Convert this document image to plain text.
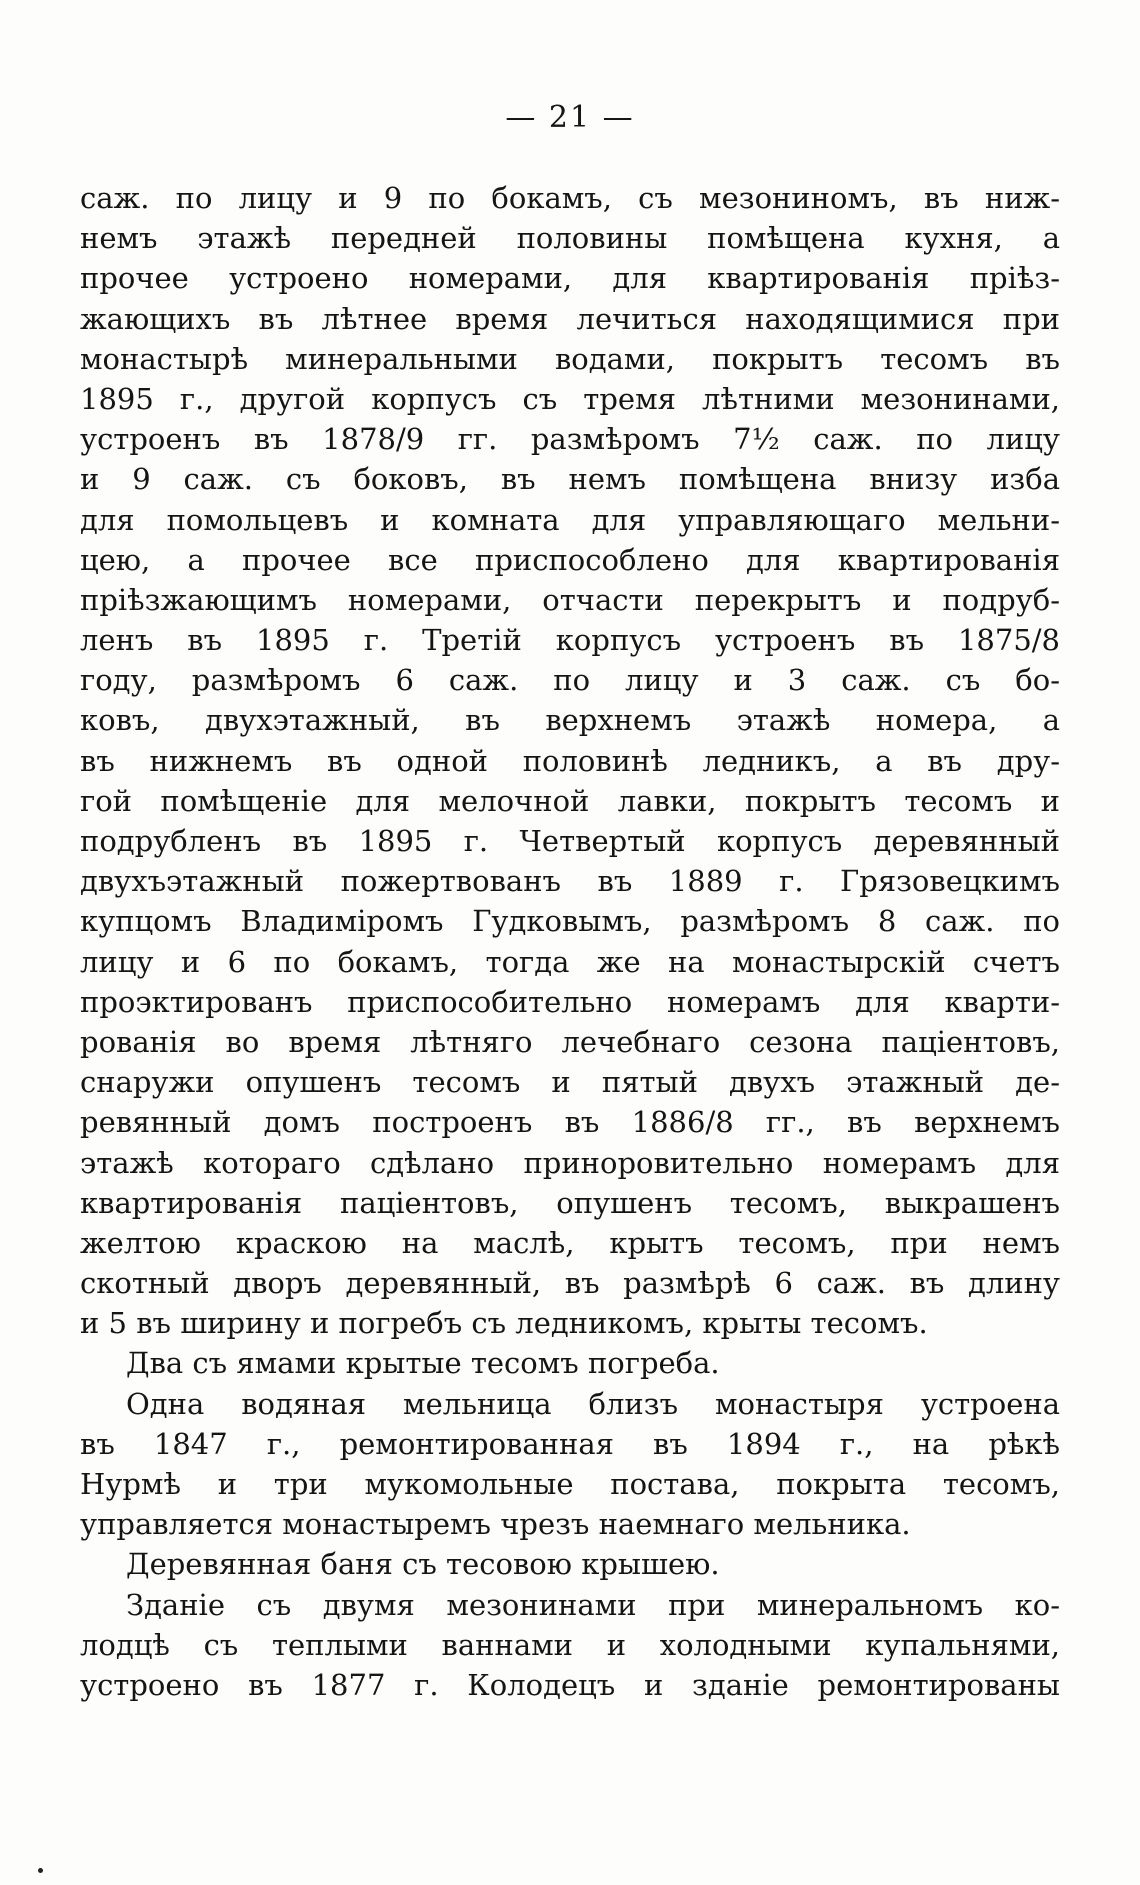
— 21 —
саж. по лицу и 9 по бокамъ, съ мезониномъ, въ ниж-
немъ этажѣ передней половины помѣщена кухня, а
прочее устроено номерами, для квартированія пріѣз-
жающихъ въ лѣтнее время лечиться находящимися при
монастырѣ минеральными водами, покрытъ тесомъ въ
1895 г., другой корпусъ съ тремя лѣтними мезонинами,
устроенъ въ 1878/9 гг. размѣромъ 7½ саж. по лицу
и 9 саж. съ боковъ, въ немъ помѣщена внизу изба
для помольцевъ и комната для управляющаго мельни-
цею, а прочее все приспособлено для квартированія
пріѣзжающимъ номерами, отчасти перекрытъ и подруб-
ленъ въ 1895 г. Третій корпусъ устроенъ въ 1875/8
году, размѣромъ 6 саж. по лицу и 3 саж. съ бо-
ковъ, двухэтажный, въ верхнемъ этажѣ номера, а
въ нижнемъ въ одной половинѣ ледникъ, а въ дру-
гой помѣщеніе для мелочной лавки, покрытъ тесомъ и
подрубленъ въ 1895 г. Четвертый корпусъ деревянный
двухъэтажный пожертвованъ въ 1889 г. Грязовецкимъ
купцомъ Владиміромъ Гудковымъ, размѣромъ 8 саж. по
лицу и 6 по бокамъ, тогда же на монастырскій счетъ
проэктированъ приспособительно номерамъ для кварти-
рованія во время лѣтняго лечебнаго сезона паціентовъ,
снаружи опушенъ тесомъ и пятый двухъ этажный де-
ревянный домъ построенъ въ 1886/8 гг., въ верхнемъ
этажѣ котораго сдѣлано приноровительно номерамъ для
квартированія паціентовъ, опушенъ тесомъ, выкрашенъ
желтою краскою на маслѣ, крытъ тесомъ, при немъ
скотный дворъ деревянный, въ размѣрѣ 6 саж. въ длину
и 5 въ ширину и погребъ съ ледникомъ, крыты тесомъ.
Два съ ямами крытые тесомъ погреба.
Одна водяная мельница близъ монастыря устроена
въ 1847 г., ремонтированная въ 1894 г., на рѣкѣ
Нурмѣ и три мукомольные постава, покрыта тесомъ,
управляется монастыремъ чрезъ наемнаго мельника.
Деревянная баня съ тесовою крышею.
Зданіе съ двумя мезонинами при минеральномъ ко-
лодцѣ съ теплыми ваннами и холодными купальнями,
устроено въ 1877 г. Колодецъ и зданіе ремонтированы
